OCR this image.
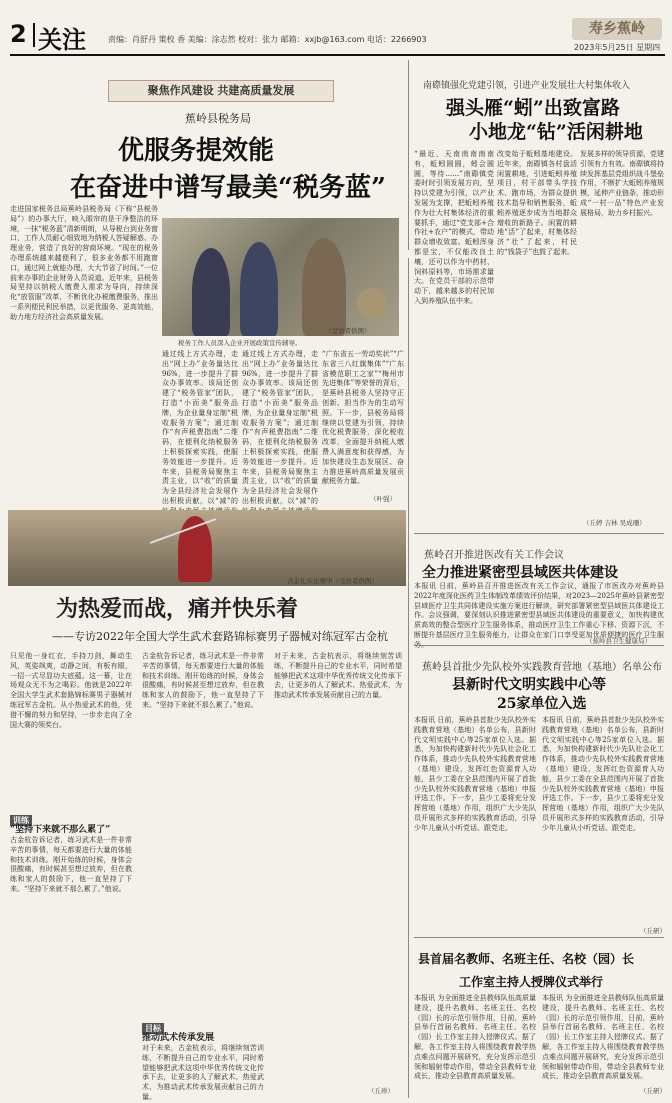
2 关注	责编：肖舒丹 策校 香 美编：涂志然 校对：张力 邮箱：xxjb@163.com 电话：2266903
寿乡蕉岭
2023年5月25日 星期四
聚焦作风建设 共建高质量发展
蕉岭县税务局
优服务提效能
在奋进中谱写最美“税务蓝”
走进国家税务总局蕉岭县税务局（下称“县税务局”）的办事大厅，映入眼帘的是干净整洁的环境，一抹“税务蓝”清新明朗，从导税台到业务窗口，工作人员耐心细致地为纳税人答疑解惑、办理业务，营造了良好的营商环境。“现在的税务办理系统越来越便利了，很多业务都不用跑窗口，通过网上就能办理，大大节省了时间。”一位前来办事的企业财务人员说道。近年来，县税务局坚持以纳税人缴费人需求为导向，持续深化“放管服”改革，不断优化办税缴费服务，推出一系列便民利民举措，以更优服务、更高效能，助力地方经济社会高质量发展。
税务工作人员深入企业开展政策宣传辅导。
（受访者供图）
通过线上方式办理，走出“网上办”业务量达比96%，进一步提升了群众办事效率。该局还创建了“税务管家”团队，打造“小而美”服务品牌，为企业量身定制“税收服务方案”；通过制作“有声税费指南”二维码，在便利化纳税服务上积极探索实践，使服务效能进一步提升。近年来，县税务局聚焦主责主业，以“收”的质量为全县经济社会发展作出积极贡献，以“减”的
通过线上方式办理，走出“网上办”业务量达比96%，进一步提升了群众办事效率。该局还创建了“税务管家”团队，打造“小而美”服务品牌，为企业量身定制“税收服务方案”；通过制作“有声税费指南”二维码，在便利化纳税服务上积极探索实践，使服务效能进一步提升。近年来，县税务局聚焦主责主业，以“收”的质量为全县经济社会发展作出积极贡献，以“减”的
“广东省五一劳动奖状”“广东省三八红旗集体”“广东省模范职工之家”“梅州市先进集体”等荣誉的背后，是蕉岭县税务人坚持守正创新、担当作为的生动写照。下一步，县税务局将继续以党建为引领，持续优化税费服务，深化税收改革，全面提升纳税人缴费人满意度和获得感，为加快建设生态发展区、奋力推进蕉岭高质量发展贡献税务力量。
（叶强）
南磜镇强化党建引领，引进产业发展壮大村集体收入
强头雁“蚓”出致富路
小地龙“钻”活闲耕地
“最近，天南南南南南有，蚯蚓圆圆，蚓会圆圆，等待……”南磜镇党委时时引领发展方向，坚持以党建为引领，以产业发展为支撑，把蚯蚓养殖作为壮大村集体经济的重要抓手，通过“党支部+合作社+农户”的模式，带动群众增收致富。蚯蚓浑身都是宝，不仅能改良土壤，还可以作为中药材、饲料原料等，市场需求量大。在党员干部的示范带动下，越来越多的村民加入到养殖队伍中来。
改变始于蚯蚓基地建设。近年来，南磜镇各村盘活闲置耕地，引进蚯蚓养殖项目，村干部带头学技术、跑市场，为群众提供技术指导和销售服务，蚯蚓养殖逐步成为当地群众增收的新路子。闲置的耕地“活”了起来，村集体经济“壮”了起来，村民的“钱袋子”也鼓了起来。
发展多样的领导资源，党建引领有力有效。南磜镇将持续发挥基层党组织战斗堡垒作用，不断扩大蚯蚓养殖规模，延伸产业链条，推动形成“一村一品”特色产业发展格局，助力乡村振兴。
（丘婷 吉林 吴成珊）
古金礼在比赛中（受访者供图）
为热爱而战，痛并快乐着
——专访2022年全国大学生武术套路锦标赛男子器械对练冠军古金杭
只见他一身红衣，手持刀剑，舞动生风，英姿飒爽，动静之间，有板有眼，一招一式尽显功夫底蕴。这一幕，让在场观众无不为之喝彩。他就是2022年全国大学生武术套路锦标赛男子器械对练冠军古金杭。从小热爱武术的他，凭借不懈的努力和坚持，一步步走向了全国大赛的领奖台。
训练
“坚持下来就不那么累了”
古金杭告诉记者，练习武术是一件非常辛苦的事情，每天都要进行大量的体能和技术训练。刚开始练的时候，身体会很酸痛，有时候甚至想过放弃，但在教练和家人的鼓励下，他一直坚持了下来。“坚持下来就不那么累了。”他说。
古金杭告诉记者，练习武术是一件非常辛苦的事情，每天都要进行大量的体能和技术训练。刚开始练的时候，身体会很酸痛，有时候甚至想过放弃，但在教练和家人的鼓励下，他一直坚持了下来。“坚持下来就不那么累了。”他说。
目标
推动武术传承发展
对于未来，古金杭表示，将继续刻苦训练，不断提升自己的专业水平，同时希望能够把武术这项中华优秀传统文化传承下去，让更多的人了解武术、热爱武术，为推动武术传承发展贡献自己的力量。
对于未来，古金杭表示，将继续刻苦训练，不断提升自己的专业水平，同时希望能够把武术这项中华优秀传统文化传承下去，让更多的人了解武术、热爱武术，为推动武术传承发展贡献自己的力量。
（丘珍）
蕉岭召开推进医改有关工作会议
全力推进紧密型县域医共体建设
本报讯 日前，蕉岭县召开推进医改有关工作会议，通报了市医改办对蕉岭县2022年度深化医药卫生体制改革绩效评价结果，对2023—2025年蕉岭县紧密型县域医疗卫生共同体建设实施方案进行解读，研究部署紧密型县域医共体建设工作。会议强调，要深刻认识推进紧密型县域医共体建设的重要意义，加快构建优质高效的整合型医疗卫生服务体系，推动医疗卫生工作重心下移、资源下沉，不断提升基层医疗卫生服务能力，让群众在家门口享受更加优质便捷的医疗卫生服
（蕉岭县卫生健康局）
蕉岭县首批少先队校外实践教育营地（基地）名单公布
县新时代文明实践中心等
25家单位入选
本报讯 日前，蕉岭县首批少先队校外实践教育营地（基地）名单公布，县新时代文明实践中心等25家单位入选。据悉，为加快构建新时代少先队社会化工作体系，推动少先队校外实践教育营地（基地）建设，发挥红色资源育人功能，县少工委在全县范围内开展了首批少先队校外实践教育营地（基地）申报评选工作。下一步，县少工委将充分发挥营地（基地）作用，组织广大少先队员开展形式多样的实践教育活动，引导少年儿童从小听党话、跟党走。
本报讯 日前，蕉岭县首批少先队校外实践教育营地（基地）名单公布，县新时代文明实践中心等25家单位入选。据悉，为加快构建新时代少先队社会化工作体系，推动少先队校外实践教育营地（基地）建设，发挥红色资源育人功能，县少工委在全县范围内开展了首批少先队校外实践教育营地（基地）申报评选工作。下一步，县少工委将充分发挥营地（基地）作用，组织广大少先队员开展形式多样的实践教育活动，引导少年儿童从小听党话、跟党走。
（丘研）
县首届名教师、名班主任、名校（园）长
工作室主持人授牌仪式举行
本报讯 为全面推进全县教师队伍高质量建设，提升名教师、名班主任、名校（园）长的示范引领作用，日前，蕉岭县举行首届名教师、名班主任、名校（园）长工作室主持人授牌仪式。据了解，各工作室主持人将围绕教育教学热点难点问题开展研究，充分发挥示范引领和辐射带动作用，带动全县教师专业成长，推动全县教育高质量发展。
本报讯 为全面推进全县教师队伍高质量建设，提升名教师、名班主任、名校（园）长的示范引领作用，日前，蕉岭县举行首届名教师、名班主任、名校（园）长工作室主持人授牌仪式。据了解，各工作室主持人将围绕教育教学热点难点问题开展研究，充分发挥示范引领和辐射带动作用，带动全县教师专业成长，推动全县教育高质量发展。
（丘研）
